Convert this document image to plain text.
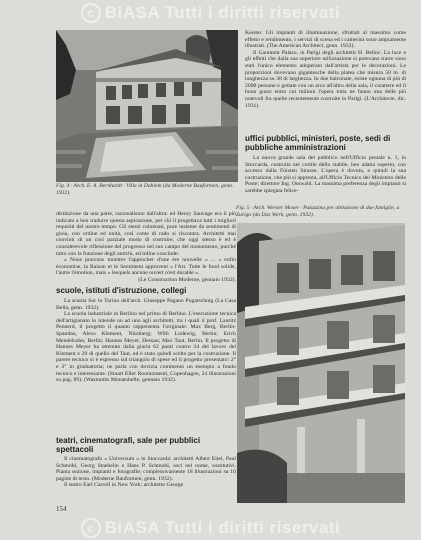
Fig. 4 · Arch. E. A. Bernhardt · Villa in Dahlem (da Moderne Bauformen, genn. 1932).

Keister. Gli impianti di illuminazione, sfruttati al massimo come effetto e rendimento, i servizi di scena ed i camerini sono ampiamente illustrati. (The American Architect, genn. 1932).

Il Gaumont Palace, in Parigi degli architetti H. Belloc. La luce e gli effetti che dalla sua superiore utilizzazione si potevano trarre sono stati l'unico elemento adoperato dall'artista per le decorazioni. Le proporzioni dovevano gigantesche della platea che misura 50 m. di lunghezza su 38 di larghezza. In due balconate, esiste ognuna di più di 2000 persone e gettate con un arco all'altro della sala, il carattere ed il buon gusto entro cui milioni l'opera tutta ne fanno una delle più notevoli fra quelle recentemente costruite in Parigi. (L'Architecte, dic. 1931).

uffici pubblici, ministeri, poste, sedi di pubbliche amministrazioni

La nuova grande sala del pubblico nell'Ufficio postale n. 1, in Stoccarda, costruita nel cortile dello stabile, ben adatta soperto, con accesso dalla Fürsten Strasse. L'opera è dovuta, e quindi la sua costruzione, che più si appresta, all'Ufficio Tecnico del Ministero delle Poste; direttore Ing. Osswald. La massima preferenza degli impianti si sarebbe spiegata felice-

Fig. 5 · Arch. Werner Moser · Palazzina per abitazione di due famiglie, a Zurigo (da Das Werk, genn. 1932).

distinzione da una parte, razionalismo dall'altra: ed Henry Sauvage era il più indicato a ben tradurre questa aspirazione, per chi il progettava tutti i migliori requisiti del nostro tempo. Gli stessi colonnati, pure insieme da sentimenti di gioia, con ordine ed unità, così come di rado si riscontra. Architetti mai convinti di un così parziale modo di costruire, che oggi stesso è ed è considerevole riflessione del progresso nel suo campo del monumento, purché tutto con la funzione degli antichi, ed infine conclude:

« Nous pouvons montrer l'approcher d'une ère nouvelle » ... » enfin économise, la Raison et le Sentiment approvent « l'Art. Tutte le fond solide, l'autre l'émotion, mais « lesquels ancune ouvert n'est durable ».

(Le Construction Moderne, gennaio 1932).

scuole, istituti d'istruzione, collegi

La scuola Sur in Torino dell'arch. Giuseppe Pagano Pogatschnig (La Casa Bella, genn. 1932).

La scuola industriale in Berlino nel primo di Berlino. L'esecuzione tecnica dell'artigianato lo intende un ad uno agli architetti, tra i quali il prof. Lauritz Pennerd, il progetto il quanto rappresenta l'originale: Max Berg, Berlin-Spandau, Alexs Klement, Nürnberg; Willi Lodewig, Berlin; Erich Mendelsohn, Berlin; Hannes Meyer, Dessau; Max Taut, Berlin. Il progetto di Hannes Meyer ha ottenuto dalla giuria 62 punti contro 34 del lavoro del Klement e 29 di quello del Taut, ed è stato quindi scelto per la costruzione. Il parere tecnico si è espresso sul triangolo di spese ed il progetto presentato: 2° e 3° in graduatoria; ne parla con dovizia commento un esempio a fondo tecnico e interessante. (Stuart Eller Roumomenti, Copenhagen, 24 illustrazioni su pag. 89). (Wasmuths Monatshefte, gennaio 1932).

teatri, cinematografi, sale per pubblici spettacoli

Il cinematografo « Universum » in Stoccarda: architetti Albert Eitel, Paul Schmohl, Georg Staehelin e Hans P. Schmohl, soci nel nome, sostitutivi. Pianta sezione, impianti e fotografie; complessivamente 18 illustrazioni su 10 pagine di testo. (Moderne Bauformen, genn. 1932).

Il teatro Earl Carroll in New York; architetto George

154
c BiASA Tutti i diritti riservati
c BiASA Tutti i diritti riservati
